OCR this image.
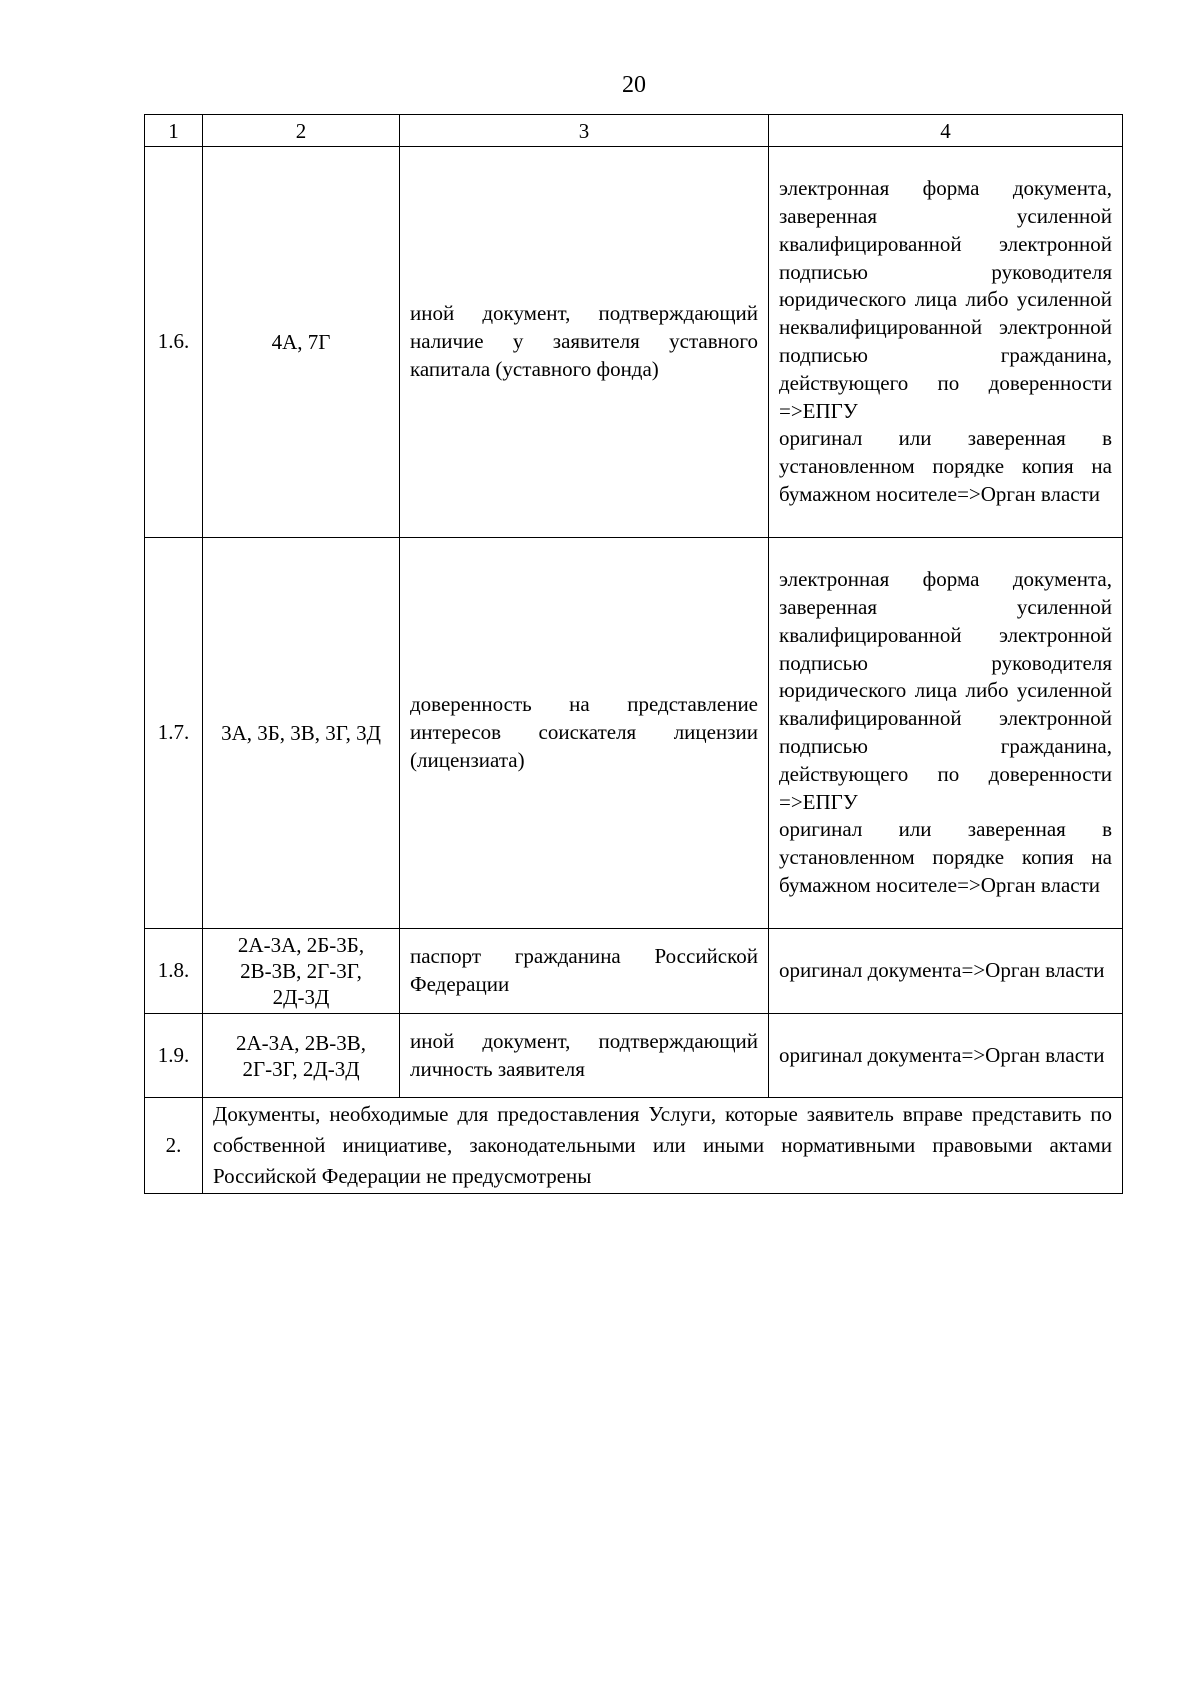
20
1	2	3	4
1.6.	4А, 7Г	иной документ, подтверждающий наличие у заявителя уставного капитала (уставного фонда)	электронная форма документа, заверенная усиленной квалифицированной электронной подписью руководителя юридического лица либо усиленной неквалифицированной электронной подписью гражданина, действующего по доверенности =>ЕПГУ
оригинал или заверенная в установленном порядке копия на бумажном носителе=>Орган власти

1.7.	3А, 3Б, 3В, 3Г, 3Д	доверенность на представление интересов соискателя лицензии (лицензиата)	электронная форма документа, заверенная усиленной квалифицированной электронной подписью руководителя юридического лица либо усиленной квалифицированной электронной подписью гражданина, действующего по доверенности =>ЕПГУ
оригинал или заверенная в установленном порядке копия на бумажном носителе=>Орган власти

1.8.	2А-3А, 2Б-3Б, 2В-3В, 2Г-3Г, 2Д-3Д	паспорт гражданина Российской Федерации	оригинал документа=>Орган власти
1.9.	2А-3А, 2В-3В, 2Г-3Г, 2Д-3Д	иной документ, подтверждающий личность заявителя	оригинал документа=>Орган власти
2.	Документы, необходимые для предоставления Услуги, которые заявитель вправе представить по собственной инициативе, законодательными или иными нормативными правовыми актами Российской Федерации не предусмотрены		
